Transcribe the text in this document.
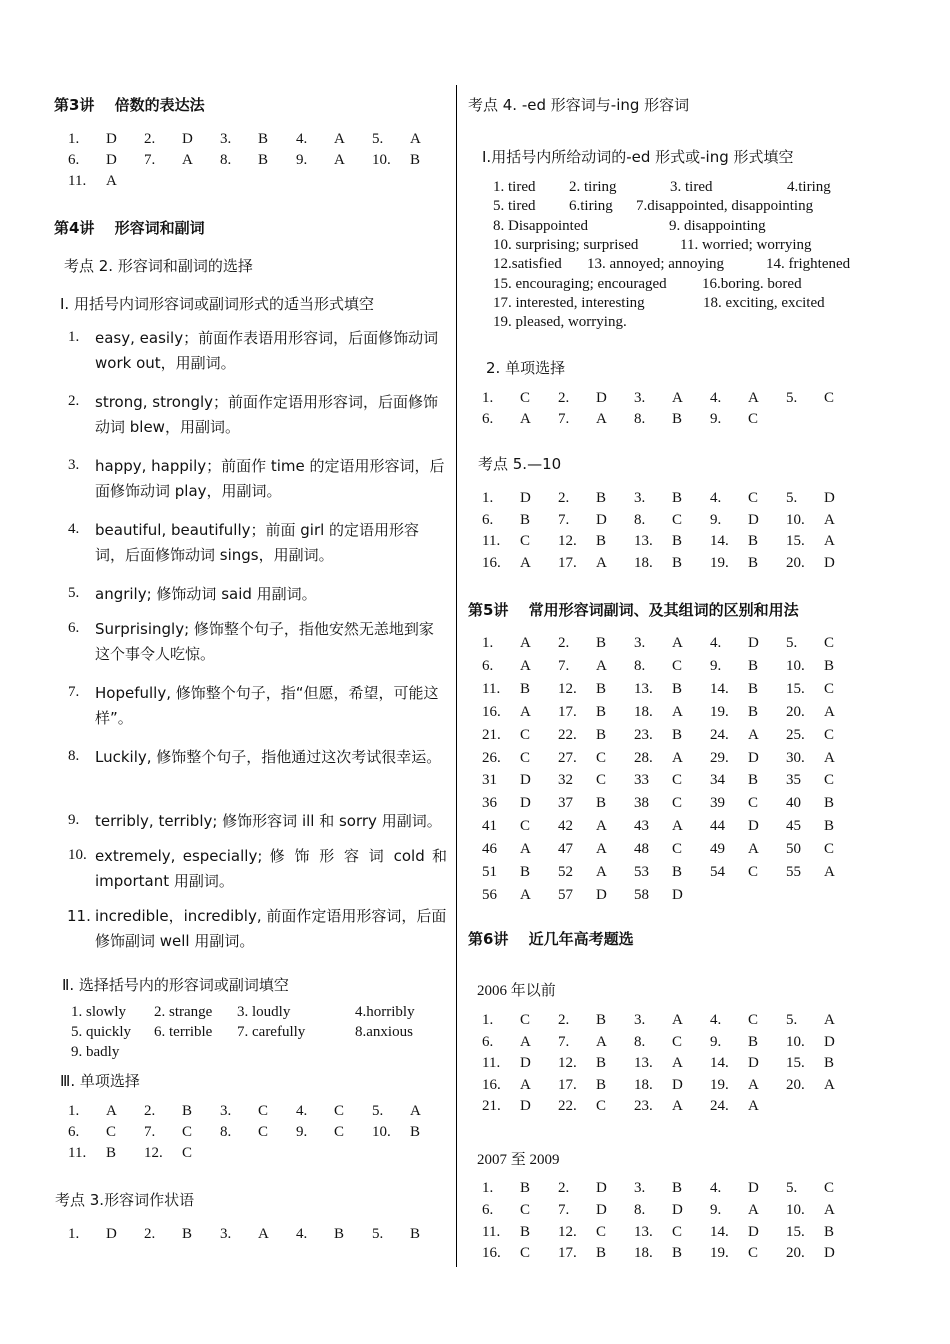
第3讲　 倍数的表达法
1. D 2. D 3. B 4. A 5. A
6. D 7. A 8. B 9. A 10. B
11. A
第4讲　 形容词和副词
考点 2. 形容词和副词的选择
Ⅰ. 用括号内词形容词或副词形式的适当形式填空
1. easy, easily；前面作表语用形容词，后面修饰动词 work out，用副词。
2. strong, strongly；前面作定语用形容词，后面修饰动词 blew，用副词。
3. happy, happily；前面作 time 的定语用形容词，后面修饰动词 play，用副词。
4. beautiful, beautifully；前面 girl 的定语用形容词，后面修饰动词 sings，用副词。
5. angrily; 修饰动词 said 用副词。
6. Surprisingly; 修饰整个句子，指他安然无恙地到家这个事令人吃惊。
7. Hopefully, 修饰整个句子，指“但愿，希望，可能这样”。
8. Luckily, 修饰整个句子，指他通过这次考试很幸运。
9. terribly, terribly; 修饰形容词 ill 和 sorry 用副词。
10. extremely, especially; 修 饰 形 容 词 cold 和 important 用副词。
11. incredible，incredibly, 前面作定语用形容词，后面修饰副词 well 用副词。
Ⅱ. 选择括号内的形容词或副词填空
1. slowly 2. strange 3. loudly	4.horribly
5. quickly 6. terrible 7. carefully	8.anxious
9. badly
Ⅲ. 单项选择
1. A 2. B 3. C 4. C 5. A
6. C 7. C 8. C 9. C 10. B
11. B 12. C
考点 3.形容词作状语
1. D 2. B 3. A 4. B 5. B
考点 4. -ed 形容词与-ing 形容词
Ⅰ.用括号内所给动词的-ed 形式或-ing 形式填空
1. tired 2. tiring	3. tired	4.tiring
5. tired 6.tiring 7.disappointed, disappointing
8. Disappointed	9. disappointing
10. surprising; surprised	11. worried; worrying
12.satisfied 13. annoyed; annoying	14. frightened
15. encouraging; encouraged 16.boring. bored
17. interested, interesting	18. exciting, excited
19. pleased, worrying.
2. 单项选择
1. C 2. D 3. A 4. A 5. C
6. A 7. A 8. B 9. C
考点 5.—10
1. D 2. B 3. B 4. C 5. D
6. B 7. D 8. C 9. D 10. A
11. C 12. B 13. B 14. B 15. A
16. A 17. A 18. B 19. B 20. D
第5讲　 常用形容词副词、及其组词的区别和用法
1. A 2. B 3. A 4. D 5. C
6. A 7. A 8. C 9. B 10. B
11. B 12. B 13. B 14. B 15. C
16. A 17. B 18. A 19. B 20. A
21. C 22. B 23. B 24. A 25. C
26. C 27. C 28. A 29. D 30. A
31 D 32 C 33 C 34 B 35 C
36 D 37 B 38 C 39 C 40 B
41 C 42 A 43 A 44 D 45 B
46 A 47 A 48 C 49 A 50 C
51 B 52 A 53 B 54 C 55 A
56 A 57 D 58 D
第6讲　 近几年高考题选
2006 年以前
1. C 2. B 3. A 4. C 5. A
6. A 7. A 8. C 9. B 10. D
11. D 12. B 13. A 14. D 15. B
16. A 17. B 18. D 19. A 20. A
21. D 22. C 23. A 24. A
2007 至 2009
1. B 2. D 3. B 4. D 5. C
6. C 7. D 8. D 9. A 10. A
11. B 12. C 13. C 14. D 15. B
16. C 17. B 18. B 19. C 20. D
